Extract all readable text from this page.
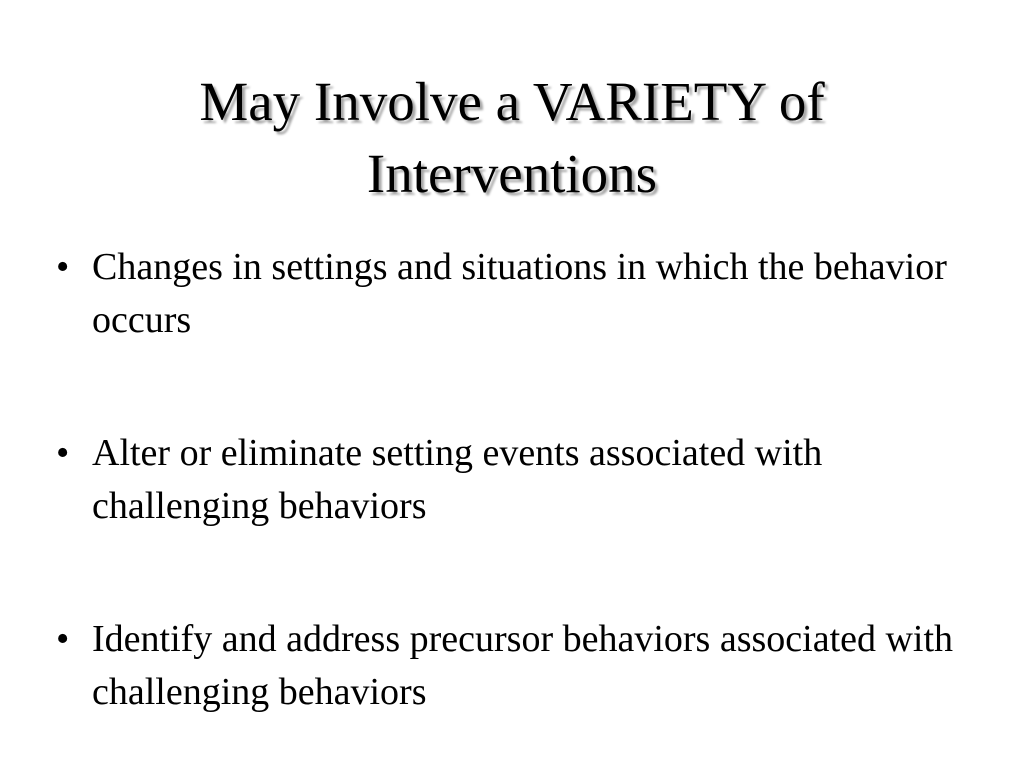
May Involve a VARIETY of
Interventions
• Changes in settings and situations in which the behavior occurs
• Alter or eliminate setting events associated with challenging behaviors
• Identify and address precursor behaviors associated with challenging behaviors
